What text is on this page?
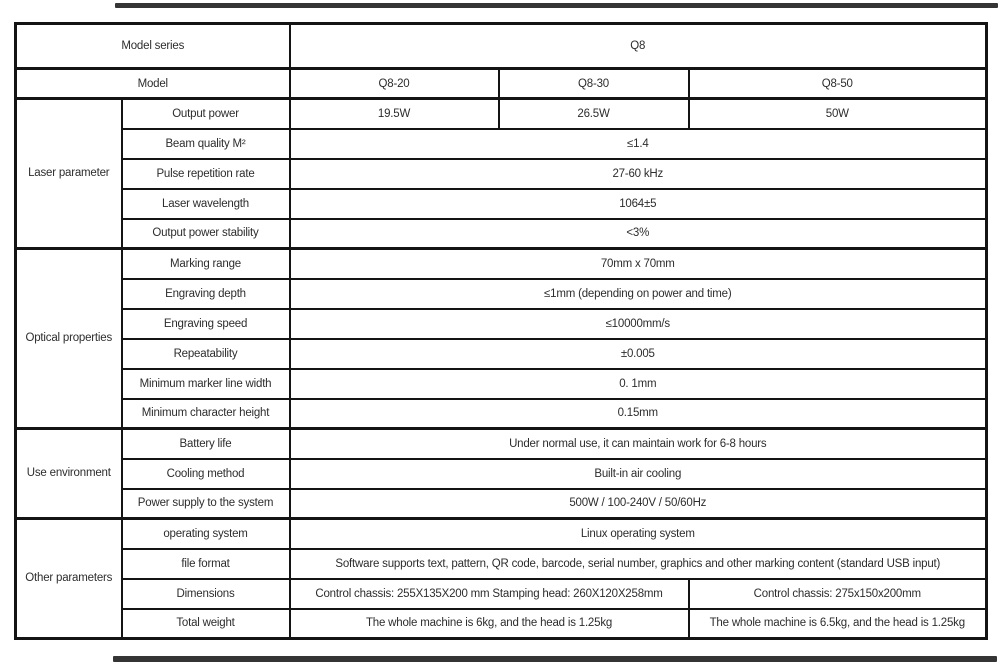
Model series		Q8		
Model		Q8-20	Q8-30	Q8-50
Laser parameter	Output power	19.5W	26.5W	50W
	Beam quality M²	≤1.4		
	Pulse repetition rate	27-60 kHz		
	Laser wavelength	1064±5		
	Output power stability	<3%		
Optical properties	Marking range	70mm x 70mm		
	Engraving depth	≤1mm (depending on power and time)		
	Engraving speed	≤10000mm/s		
	Repeatability	±0.005		
	Minimum marker line width	0. 1mm		
	Minimum character height	0.15mm		
Use environment	Battery life	Under normal use, it can maintain work for 6-8 hours		
	Cooling method	Built-in air cooling		
	Power supply to the system	500W / 100-240V / 50/60Hz		
Other parameters	operating system	Linux operating system		
	file format	Software supports text, pattern, QR code, barcode, serial number, graphics and other marking content (standard USB input)		
	Dimensions	Control chassis: 255X135X200 mm Stamping head: 260X120X258mm		Control chassis: 275x150x200mm
	Total weight	The whole machine is 6kg, and the head is 1.25kg		The whole machine is 6.5kg, and the head is 1.25kg
